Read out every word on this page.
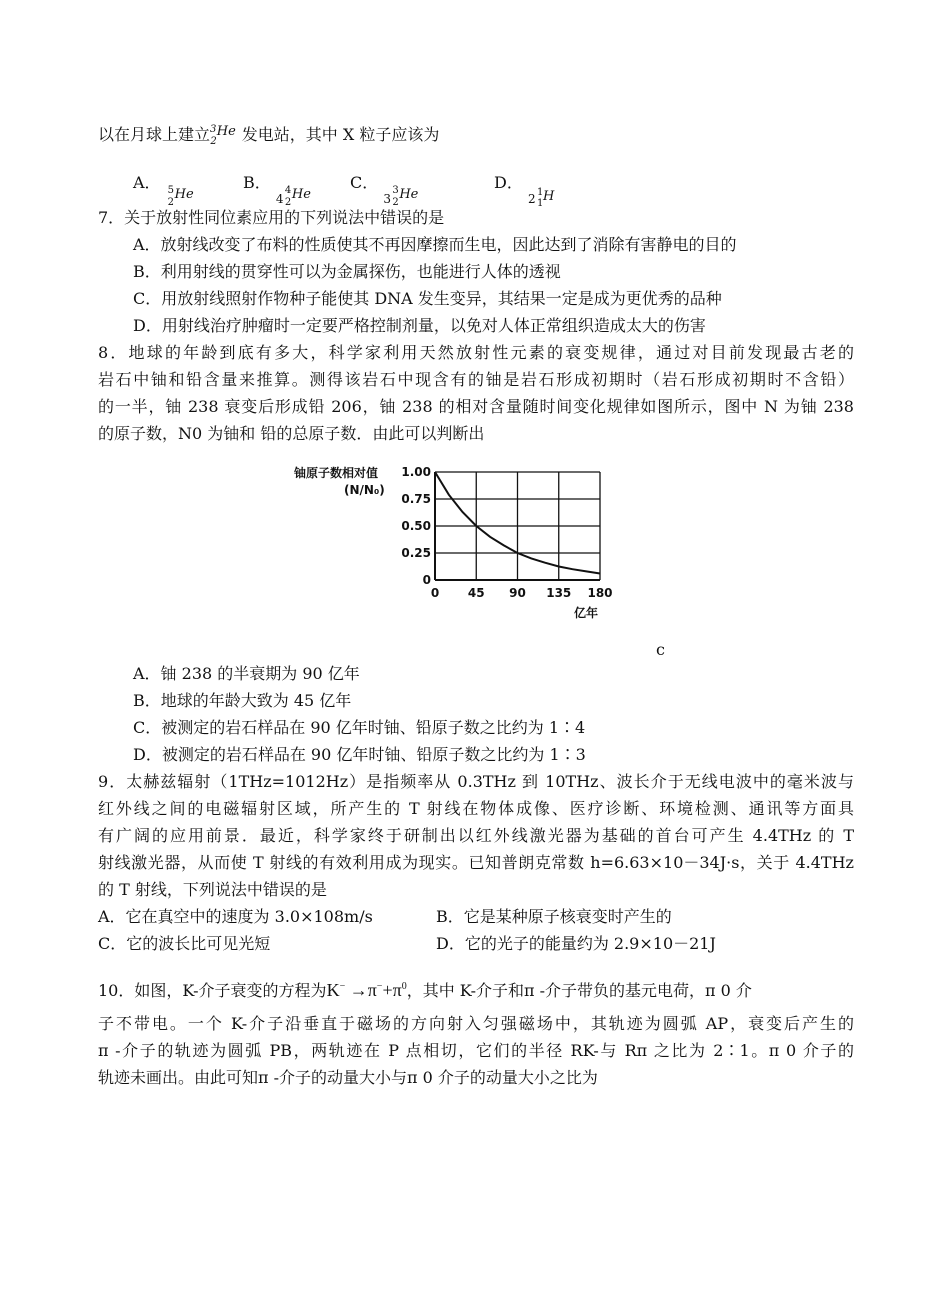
以在月球上建立$^3_2$He 发电站，其中 X 粒子应该为
A． 5
2
He
B．
4
4
2
He
C．
3
3
2
He
D．
2 1
1 H
7．关于放射性同位素应用的下列说法中错误的是
A．放射线改变了布料的性质使其不再因摩擦而生电，因此达到了消除有害静电的目的
B．利用射线的贯穿性可以为金属探伤，也能进行人体的透视
C．用放射线照射作物种子能使其 DNA 发生变异，其结果一定是成为更优秀的品种
D．用射线治疗肿瘤时一定要严格控制剂量，以免对人体正常组织造成太大的伤害
8．地球的年龄到底有多大，科学家利用天然放射性元素的衰变规律，通过对目前发现最古老的
岩石中铀和铅含量来推算。测得该岩石中现含有的铀是岩石形成初期时（岩石形成初期时不含铅）
的一半，铀 238 衰变后形成铅 206，铀 238 的相对含量随时间变化规律如图所示，图中 N 为铀 238
的原子数，N0 为铀和 铅的总原子数．由此可以判断出
0 45 90 135 180
0
0.25
0.50
0.75
1.00
铀原子数相对值
(N/N₀)
亿年
c
A．铀 238 的半衰期为 90 亿年
B．地球的年龄大致为 45 亿年
C．被测定的岩石样品在 90 亿年时铀、铅原子数之比约为 1∶4
D．被测定的岩石样品在 90 亿年时铀、铅原子数之比约为 1∶3
9．太赫兹辐射（1THz=1012Hz）是指频率从 0.3THz 到 10THz、波长介于无线电波中的毫米波与
红外线之间的电磁辐射区域，所产生的 T 射线在物体成像、医疗诊断、环境检测、通讯等方面具
有广阔的应用前景．最近，科学家终于研制出以红外线激光器为基础的首台可产生 4.4THz 的 T
射线激光器，从而使 T 射线的有效利用成为现实。已知普朗克常数 h=6.63×10－34J·s，关于 4.4THz
的 T 射线，下列说法中错误的是
A．它在真空中的速度为 3.0×108m/s	B．它是某种原子核衰变时产生的
C．它的波长比可见光短	D．它的光子的能量约为 2.9×10－21J
10．如图，K-介子衰变的方程为$K^- \to\pi^-+\pi^0$，其中 K-介子和π -介子带负的基元电荷，π 0 介
子不带电。一个 K-介子沿垂直于磁场的方向射入匀强磁场中，其轨迹为圆弧 AP，衰变后产生的
π -介子的轨迹为圆弧 PB，两轨迹在 P 点相切，它们的半径 RK-与 Rπ 之比为 2∶1。π 0 介子的
轨迹未画出。由此可知π -介子的动量大小与π 0 介子的动量大小之比为
